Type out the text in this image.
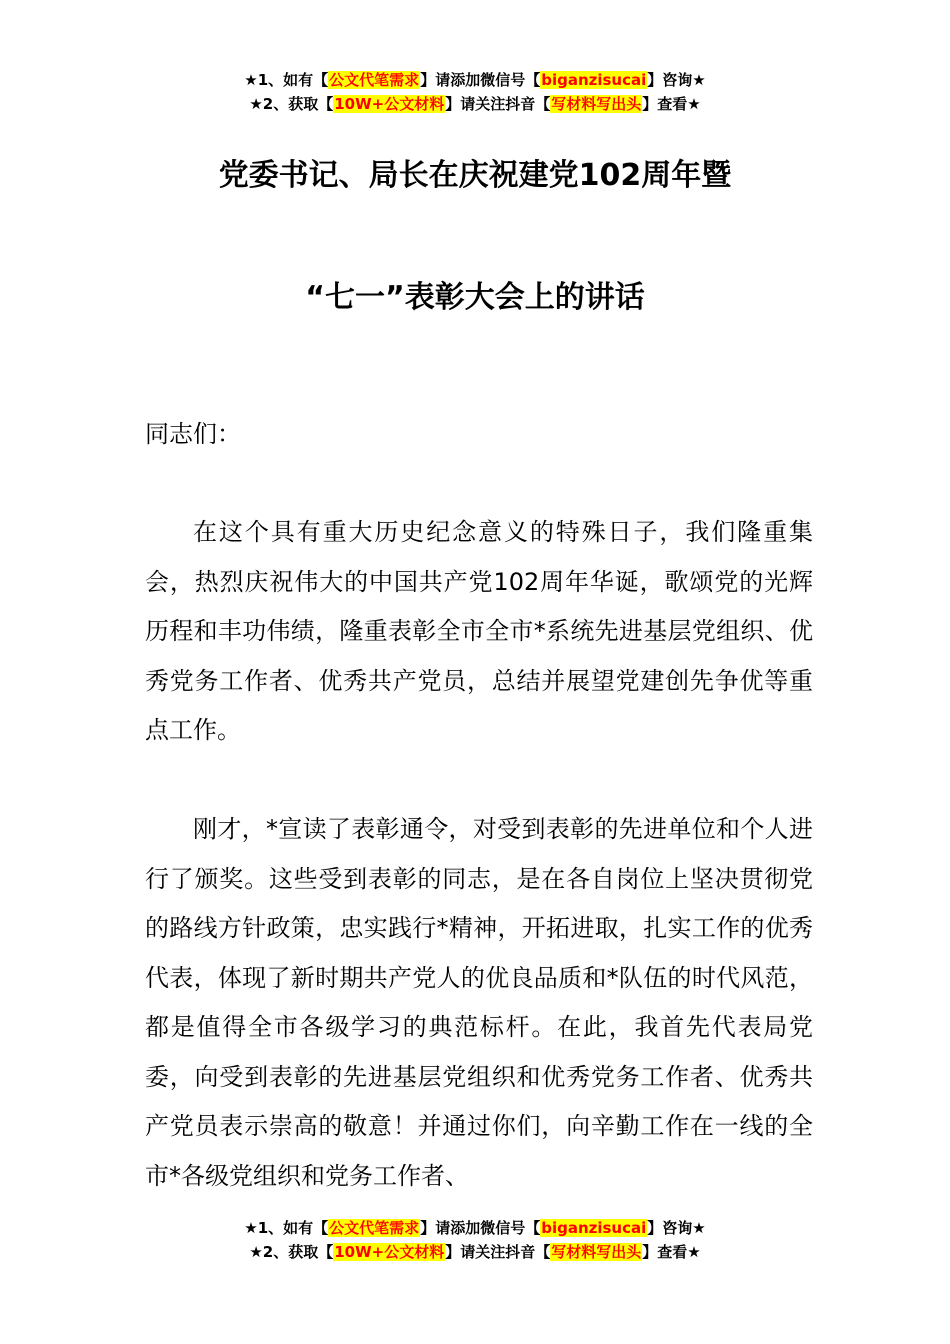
★1、如有【公文代笔需求】请添加微信号【biganzisucai】咨询★
★2、获取【10W+公文材料】请关注抖音【写材料写出头】查看★
党委书记、局长在庆祝建党102周年暨
“七一”表彰大会上的讲话
同志们：
在这个具有重大历史纪念意义的特殊日子，我们隆重集会，热烈庆祝伟大的中国共产党102周年华诞，歌颂党的光辉历程和丰功伟绩，隆重表彰全市全市*系统先进基层党组织、优秀党务工作者、优秀共产党员，总结并展望党建创先争优等重点工作。
刚才，*宣读了表彰通令，对受到表彰的先进单位和个人进行了颁奖。这些受到表彰的同志，是在各自岗位上坚决贯彻党的路线方针政策，忠实践行*精神，开拓进取，扎实工作的优秀代表，体现了新时期共产党人的优良品质和*队伍的时代风范，都是值得全市各级学习的典范标杆。在此，我首先代表局党委，向受到表彰的先进基层党组织和优秀党务工作者、优秀共产党员表示崇高的敬意！并通过你们，向辛勤工作在一线的全市*各级党组织和党务工作者、
★1、如有【公文代笔需求】请添加微信号【biganzisucai】咨询★
★2、获取【10W+公文材料】请关注抖音【写材料写出头】查看★
